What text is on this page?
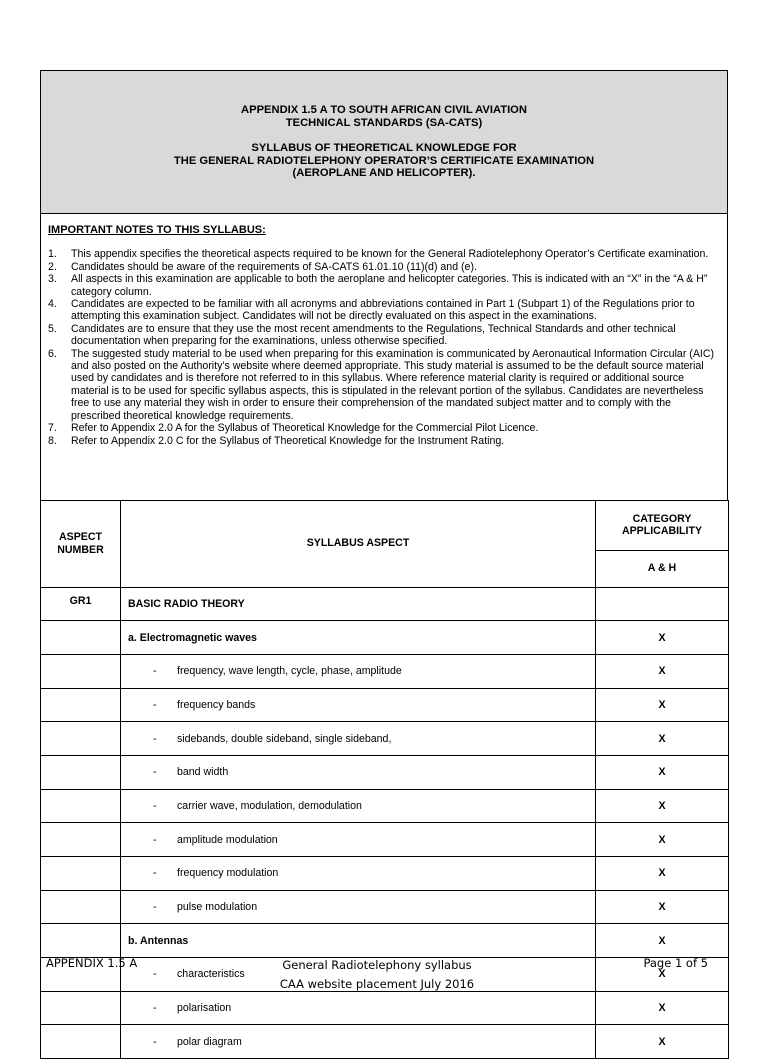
APPENDIX 1.5 A TO SOUTH AFRICAN CIVIL AVIATION
TECHNICAL STANDARDS (SA-CATS)
SYLLABUS OF THEORETICAL KNOWLEDGE FOR
THE GENERAL RADIOTELEPHONY OPERATOR’S CERTIFICATE EXAMINATION
(AEROPLANE AND HELICOPTER).

IMPORTANT NOTES TO THIS SYLLABUS:
1. This appendix specifies the theoretical aspects required to be known for the General Radiotelephony Operator’s Certificate examination.
2. Candidates should be aware of the requirements of SA-CATS 61.01.10 (11)(d) and (e).
3. All aspects in this examination are applicable to both the aeroplane and helicopter categories. This is indicated with an “X” in the “A & H” category column.
4. Candidates are expected to be familiar with all acronyms and abbreviations contained in Part 1 (Subpart 1) of the Regulations prior to attempting this examination subject. Candidates will not be directly evaluated on this aspect in the examinations.
5. Candidates are to ensure that they use the most recent amendments to the Regulations, Technical Standards and other technical documentation when preparing for the examinations, unless otherwise specified.
6. The suggested study material to be used when preparing for this examination is communicated by Aeronautical Information Circular (AIC) and also posted on the Authority’s website where deemed appropriate. This study material is assumed to be the default source material used by candidates and is therefore not referred to in this syllabus. Where reference material clarity is required or additional source material is to be used for specific syllabus aspects, this is stipulated in the relevant portion of the syllabus. Candidates are nevertheless free to use any material they wish in order to ensure their comprehension of the mandated subject matter and to comply with the prescribed theoretical knowledge requirements.
7. Refer to Appendix 2.0 A for the Syllabus of Theoretical Knowledge for the Commercial Pilot Licence.
8. Refer to Appendix 2.0 C for the Syllabus of Theoretical Knowledge for the Instrument Rating.
ASPECT NUMBER	SYLLABUS ASPECT	CATEGORY APPLICABILITY
		A & H
GR1	BASIC RADIO THEORY	
	a. Electromagnetic waves	X
	- frequency, wave length, cycle, phase, amplitude	X
	- frequency bands	X
	- sidebands, double sideband, single sideband,	X
	- band width	X
	- carrier wave, modulation, demodulation	X
	- amplitude modulation	X
	- frequency modulation	X
	- pulse modulation	X
	b. Antennas	X
	- characteristics	X
	- polarisation	X
	- polar diagram	X
APPENDIX 1.5 A	General Radiotelephony syllabus
CAA website placement July 2016
Page 1 of 5
